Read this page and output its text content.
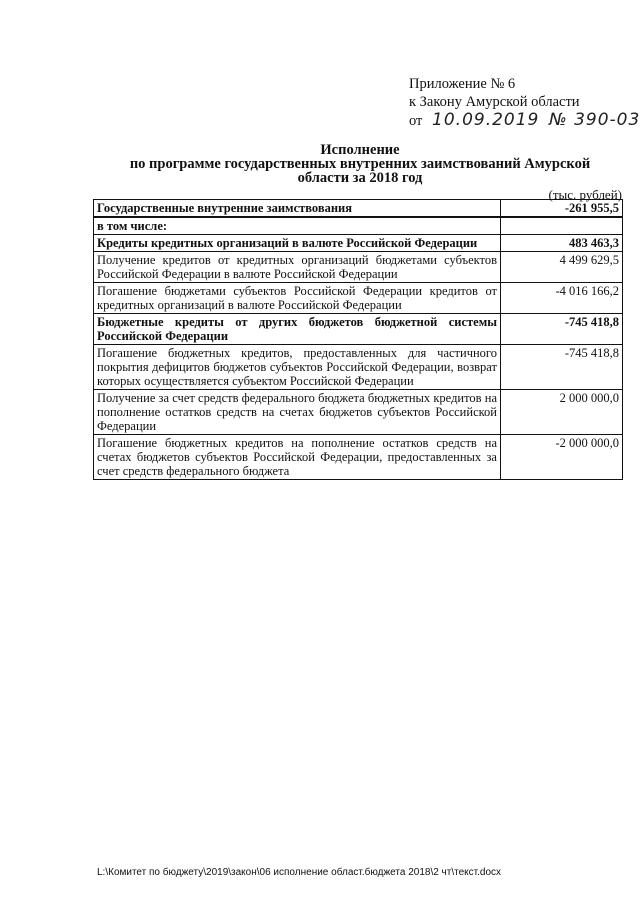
Приложение № 6
к Закону Амурской области
от 10.09.2019 № 390-03
Исполнение
по программе государственных внутренних заимствований Амурской
области за 2018 год
(тыс. рублей)
Государственные внутренние заимствования	-261 955,5
в том числе:	
Кредиты кредитных организаций в валюте Российской Федерации	483 463,3
Получение кредитов от кредитных организаций бюджетами субъектов Российской Федерации в валюте Российской Федерации	4 499 629,5
Погашение бюджетами субъектов Российской Федерации кредитов от кредитных организаций в валюте Российской Федерации	-4 016 166,2
Бюджетные кредиты от других бюджетов бюджетной системы Российской Федерации	-745 418,8
Погашение бюджетных кредитов, предоставленных для частичного покрытия дефицитов бюджетов субъектов Российской Федерации, возврат которых осуществляется субъектом Российской Федерации	-745 418,8
Получение за счет средств федерального бюджета бюджетных кредитов на пополнение остатков средств на счетах бюджетов субъектов Российской Федерации	2 000 000,0
Погашение бюджетных кредитов на пополнение остатков средств на счетах бюджетов субъектов Российской Федерации, предоставленных за счет средств федерального бюджета	-2 000 000,0
L:\Комитет по бюджету\2019\закон\06 исполнение област.бюджета 2018\2 чт\текст.docx
